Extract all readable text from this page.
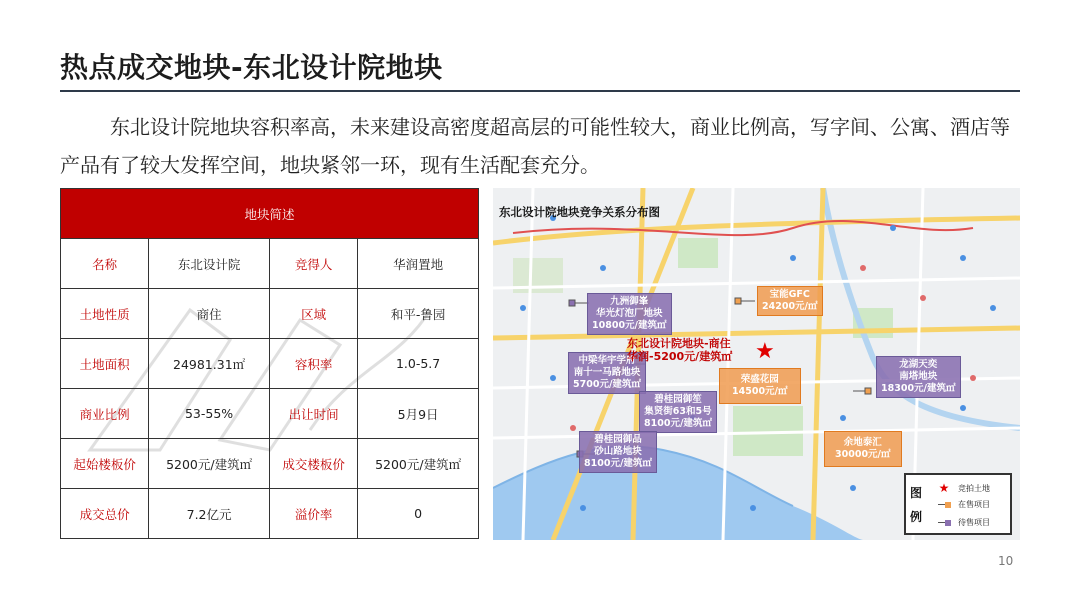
热点成交地块-东北设计院地块

东北设计院地块容积率高，未来建设高密度超高层的可能性较大，商业比例高，写字间、公寓、酒店等产品有了较大发挥空间，地块紧邻一环，现有生活配套充分。

地块简述			
名称	东北设计院	竞得人	华润置地
土地性质	商住	区域	和平-鲁园
土地面积	24981.31㎡	容积率	1.0-5.7
商业比例	53-55%	出让时间	5月9日
起始楼板价	5200元/建筑㎡	成交楼板价	5200元/建筑㎡
成交总价	7.2亿元	溢价率	0
东北设计院地块竞争关系分布图
九洲御峯
华光灯泡厂地块
10800元/建筑㎡
宝能GFC
24200元/㎡
中梁华宇学府
南十一马路地块
5700元/建筑㎡
碧桂园御笙
集贤街63和5号
8100元/建筑㎡
荣盛花园
14500元/㎡
龙湖天奕
南塔地块
18300元/建筑㎡
碧桂园御品
砂山路地块
8100元/建筑㎡
余地泰汇
30000元/㎡
东北设计院地块-商住
华润-5200元/建筑㎡ ★
图例
★	竞拍土地
在售项目
待售项目
10
